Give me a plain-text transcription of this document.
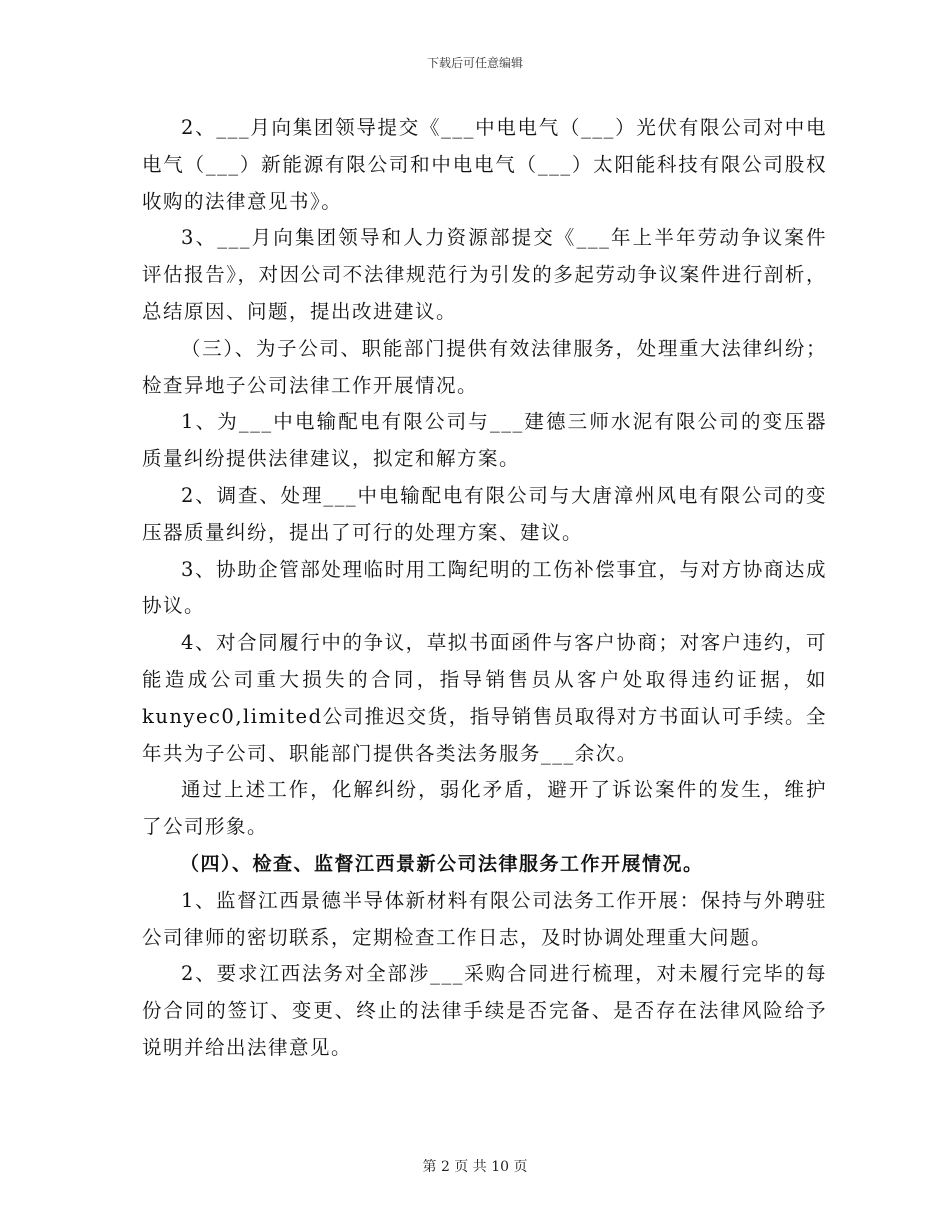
下载后可任意编辑

2、___月向集团领导提交《___中电电气（___）光伏有限公司对中电电气（___）新能源有限公司和中电电气（___）太阳能科技有限公司股权收购的法律意见书》。

3、___月向集团领导和人力资源部提交《___年上半年劳动争议案件评估报告》，对因公司不法律规范行为引发的多起劳动争议案件进行剖析，总结原因、问题，提出改进建议。

（三）、为子公司、职能部门提供有效法律服务，处理重大法律纠纷；检查异地子公司法律工作开展情况。

1、为___中电输配电有限公司与___建德三师水泥有限公司的变压器质量纠纷提供法律建议，拟定和解方案。

2、调查、处理___中电输配电有限公司与大唐漳州风电有限公司的变压器质量纠纷，提出了可行的处理方案、建议。

3、协助企管部处理临时用工陶纪明的工伤补偿事宜，与对方协商达成协议。

4、对合同履行中的争议，草拟书面函件与客户协商；对客户违约，可能造成公司重大损失的合同，指导销售员从客户处取得违约证据，如kunyec0,limited公司推迟交货，指导销售员取得对方书面认可手续。全年共为子公司、职能部门提供各类法务服务___余次。

通过上述工作，化解纠纷，弱化矛盾，避开了诉讼案件的发生，维护了公司形象。

（四）、检查、监督江西景新公司法律服务工作开展情况。

1、监督江西景德半导体新材料有限公司法务工作开展：保持与外聘驻公司律师的密切联系，定期检查工作日志，及时协调处理重大问题。

2、要求江西法务对全部涉___采购合同进行梳理，对未履行完毕的每份合同的签订、变更、终止的法律手续是否完备、是否存在法律风险给予说明并给出法律意见。

第 2 页 共 10 页
